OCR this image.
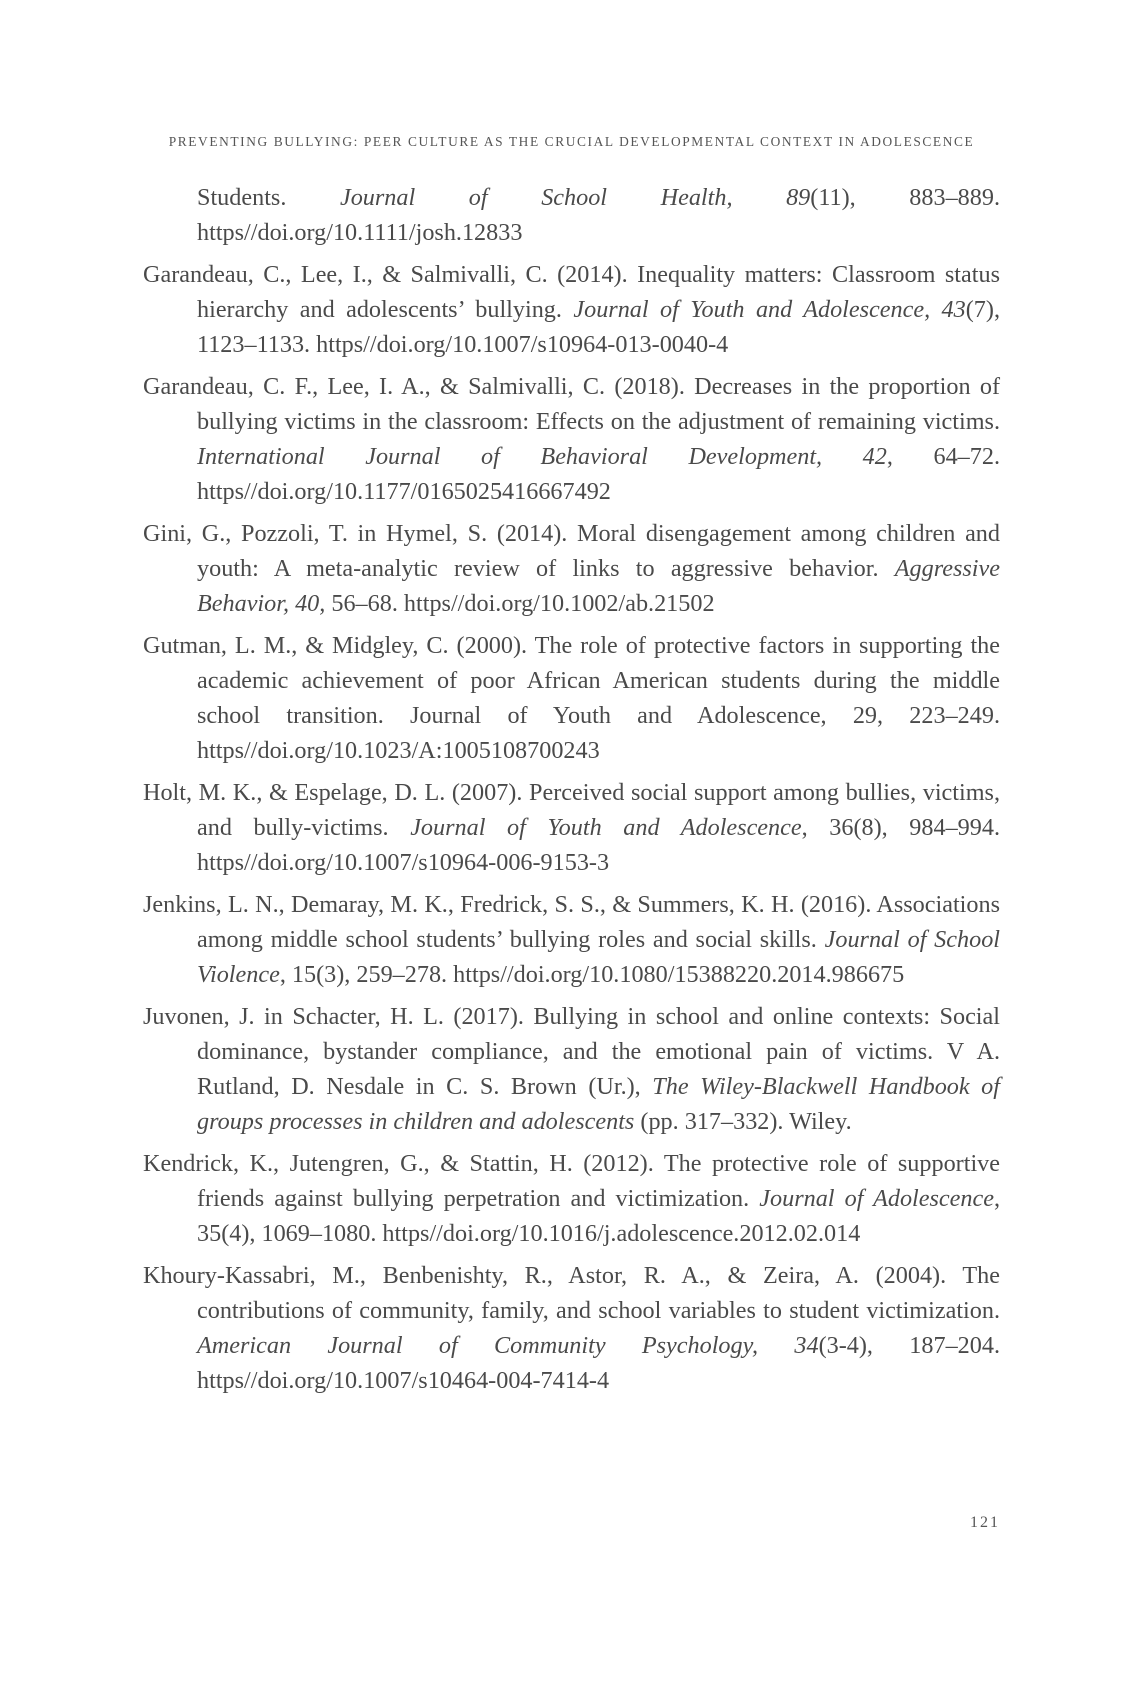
PREVENTING BULLYING: PEER CULTURE AS THE CRUCIAL DEVELOPMENTAL CONTEXT IN ADOLESCENCE
Students. Journal of School Health, 89(11), 883–889. https//doi.org/10.1111/josh.12833
Garandeau, C., Lee, I., & Salmivalli, C. (2014). Inequality matters: Classroom status hierarchy and adolescents’ bullying. Journal of Youth and Adolescence, 43(7), 1123–1133. https//doi.org/10.1007/s10964-013-0040-4
Garandeau, C. F., Lee, I. A., & Salmivalli, C. (2018). Decreases in the proportion of bullying victims in the classroom: Effects on the adjustment of remaining victims. International Journal of Behavioral Development, 42, 64–72. https//doi.org/10.1177/0165025416667492
Gini, G., Pozzoli, T. in Hymel, S. (2014). Moral disengagement among children and youth: A meta-analytic review of links to aggressive behavior. Aggressive Behavior, 40, 56–68. https//doi.org/10.1002/ab.21502
Gutman, L. M., & Midgley, C. (2000). The role of protective factors in supporting the academic achievement of poor African American students during the middle school transition. Journal of Youth and Adolescence, 29, 223–249. https//doi.org/10.1023/A:1005108700243
Holt, M. K., & Espelage, D. L. (2007). Perceived social support among bullies, victims, and bully-victims. Journal of Youth and Adolescence, 36(8), 984–994. https//doi.org/10.1007/s10964-006-9153-3
Jenkins, L. N., Demaray, M. K., Fredrick, S. S., & Summers, K. H. (2016). Associations among middle school students’ bullying roles and social skills. Journal of School Violence, 15(3), 259–278. https//doi.org/10.1080/15388220.2014.986675
Juvonen, J. in Schacter, H. L. (2017). Bullying in school and online contexts: Social dominance, bystander compliance, and the emotional pain of victims. V A. Rutland, D. Nesdale in C. S. Brown (Ur.), The Wiley-Blackwell Handbook of groups processes in children and adolescents (pp. 317–332). Wiley.
Kendrick, K., Jutengren, G., & Stattin, H. (2012). The protective role of supportive friends against bullying perpetration and victimization. Journal of Adolescence, 35(4), 1069–1080. https//doi.org/10.1016/j.adolescence.2012.02.014
Khoury-Kassabri, M., Benbenishty, R., Astor, R. A., & Zeira, A. (2004). The contributions of community, family, and school variables to student victimization. American Journal of Community Psychology, 34(3-4), 187–204. https//doi.org/10.1007/s10464-004-7414-4
121
